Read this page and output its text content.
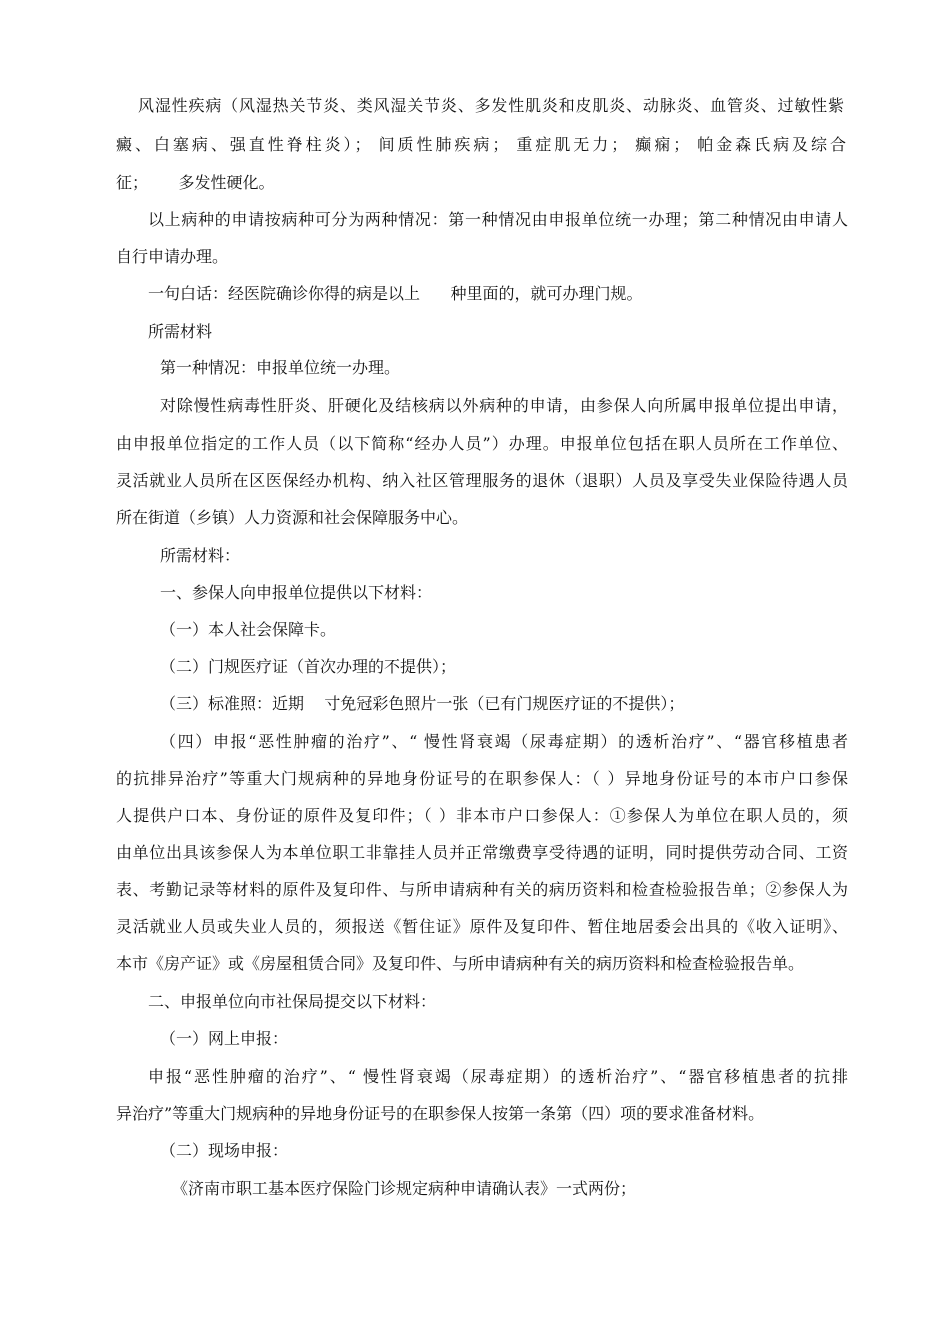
风湿性疾病（风湿热关节炎、类风湿关节炎、多发性肌炎和皮肌炎、动脉炎、血管炎、过敏性紫
癜、白塞病、强直性脊柱炎）； 间质性肺疾病； 重症肌无力； 癫痫； 帕金森氏病及综合
征；      多发性硬化。
以上病种的申请按病种可分为两种情况：第一种情况由申报单位统一办理；第二种情况由申请人
自行申请办理。
一句白话：经医院确诊你得的病是以上      种里面的，就可办理门规。
所需材料
第一种情况：申报单位统一办理。
对除慢性病毒性肝炎、肝硬化及结核病以外病种的申请，由参保人向所属申报单位提出申请，
由申报单位指定的工作人员（以下简称“经办人员”）办理。申报单位包括在职人员所在工作单位、
灵活就业人员所在区医保经办机构、纳入社区管理服务的退休（退职）人员及享受失业保险待遇人员
所在街道（乡镇）人力资源和社会保障服务中心。
所需材料：
一、参保人向申报单位提供以下材料：
（一）本人社会保障卡。
（二）门规医疗证（首次办理的不提供）；
（三）标准照：近期    寸免冠彩色照片一张（已有门规医疗证的不提供）；
（四）申报“恶性肿瘤的治疗”、“ 慢性肾衰竭（尿毒症期）的透析治疗”、“器官移植患者
的抗排异治疗”等重大门规病种的异地身份证号的在职参保人：（ ）异地身份证号的本市户口参保
人提供户口本、身份证的原件及复印件；（ ）非本市户口参保人：①参保人为单位在职人员的，须
由单位出具该参保人为本单位职工非靠挂人员并正常缴费享受待遇的证明，同时提供劳动合同、工资
表、考勤记录等材料的原件及复印件、与所申请病种有关的病历资料和检查检验报告单；②参保人为
灵活就业人员或失业人员的，须报送《暂住证》原件及复印件、暂住地居委会出具的《收入证明》、
本市《房产证》或《房屋租赁合同》及复印件、与所申请病种有关的病历资料和检查检验报告单。
二、申报单位向市社保局提交以下材料：
（一）网上申报：
申报“恶性肿瘤的治疗”、“ 慢性肾衰竭（尿毒症期）的透析治疗”、“器官移植患者的抗排
异治疗”等重大门规病种的异地身份证号的在职参保人按第一条第（四）项的要求准备材料。
（二）现场申报：
《济南市职工基本医疗保险门诊规定病种申请确认表》一式两份；
